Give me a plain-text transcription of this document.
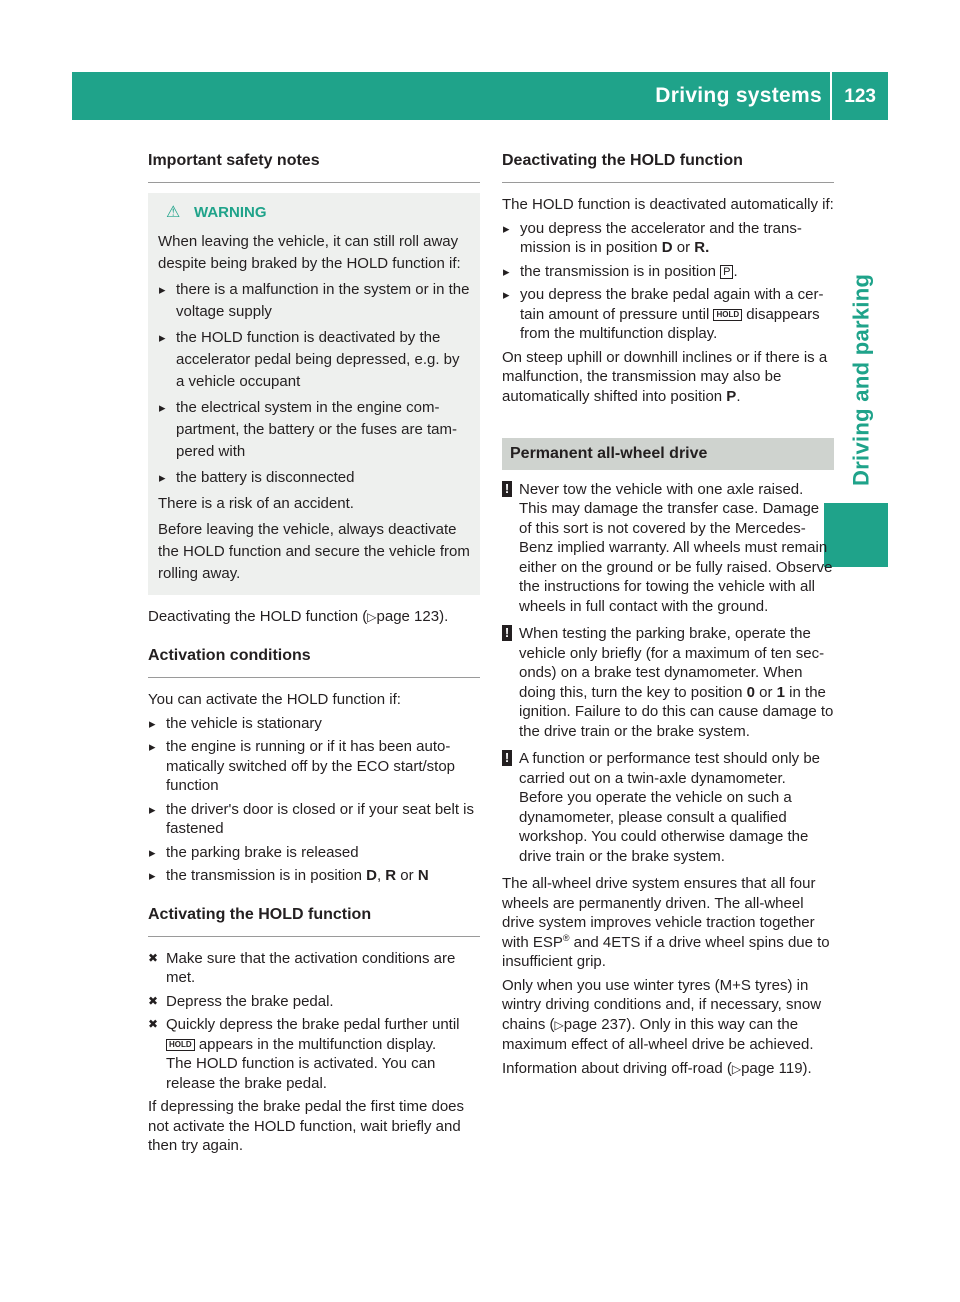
Driving systems 123
Driving and parking
Important safety notes
⚠ WARNING

When leaving the vehicle, it can still roll away despite being braked by the HOLD function if:

▸ there is a malfunction in the system or in the voltage supply
▸ the HOLD function is deactivated by the accelerator pedal being depressed, e.g. by a vehicle occupant
▸ the electrical system in the engine compartment, the battery or the fuses are tampered with
▸ the battery is disconnected

There is a risk of an accident.

Before leaving the vehicle, always deactivate the HOLD function and secure the vehicle from rolling away.

Deactivating the HOLD function (▷page 123).

Activation conditions

You can activate the HOLD function if:

▸ the vehicle is stationary
▸ the engine is running or if it has been automatically switched off by the ECO start/stop function
▸ the driver's door is closed or if your seat belt is fastened
▸ the parking brake is released
▸ the transmission is in position D, R or N
Activating the HOLD function
✖ Make sure that the activation conditions are met.
✖ Depress the brake pedal.
✖ Quickly depress the brake pedal further until HOLD appears in the multifunction display.
The HOLD function is activated. You can release the brake pedal.

If depressing the brake pedal the first time does not activate the HOLD function, wait briefly and then try again.

Deactivating the HOLD function

The HOLD function is deactivated automatically if:

▸ you depress the accelerator and the transmission is in position D or R.
▸ the transmission is in position P .
▸ you depress the brake pedal again with a certain amount of pressure until HOLD disappears from the multifunction display.

On steep uphill or downhill inclines or if there is a malfunction, the transmission may also be automatically shifted into position P.

Permanent all-wheel drive
! Never tow the vehicle with one axle raised. This may damage the transfer case. Damage of this sort is not covered by the Mercedes-Benz implied warranty. All wheels must remain either on the ground or be fully raised. Observe the instructions for towing the vehicle with all wheels in full contact with the ground.
! When testing the parking brake, operate the vehicle only briefly (for a maximum of ten seconds) on a brake test dynamometer. When doing this, turn the key to position 0 or 1 in the ignition. Failure to do this can cause damage to the drive train or the brake system.
! A function or performance test should only be carried out on a twin-axle dynamometer. Before you operate the vehicle on such a dynamometer, please consult a qualified workshop. You could otherwise damage the drive train or the brake system.

The all-wheel drive system ensures that all four wheels are permanently driven. The all-wheel drive system improves vehicle traction together with ESP® and 4ETS if a drive wheel spins due to insufficient grip.

Only when you use winter tyres (M+S tyres) in wintry driving conditions and, if necessary, snow chains (▷page 237). Only in this way can the maximum effect of all-wheel drive be achieved.

Information about driving off-road (▷page 119).
